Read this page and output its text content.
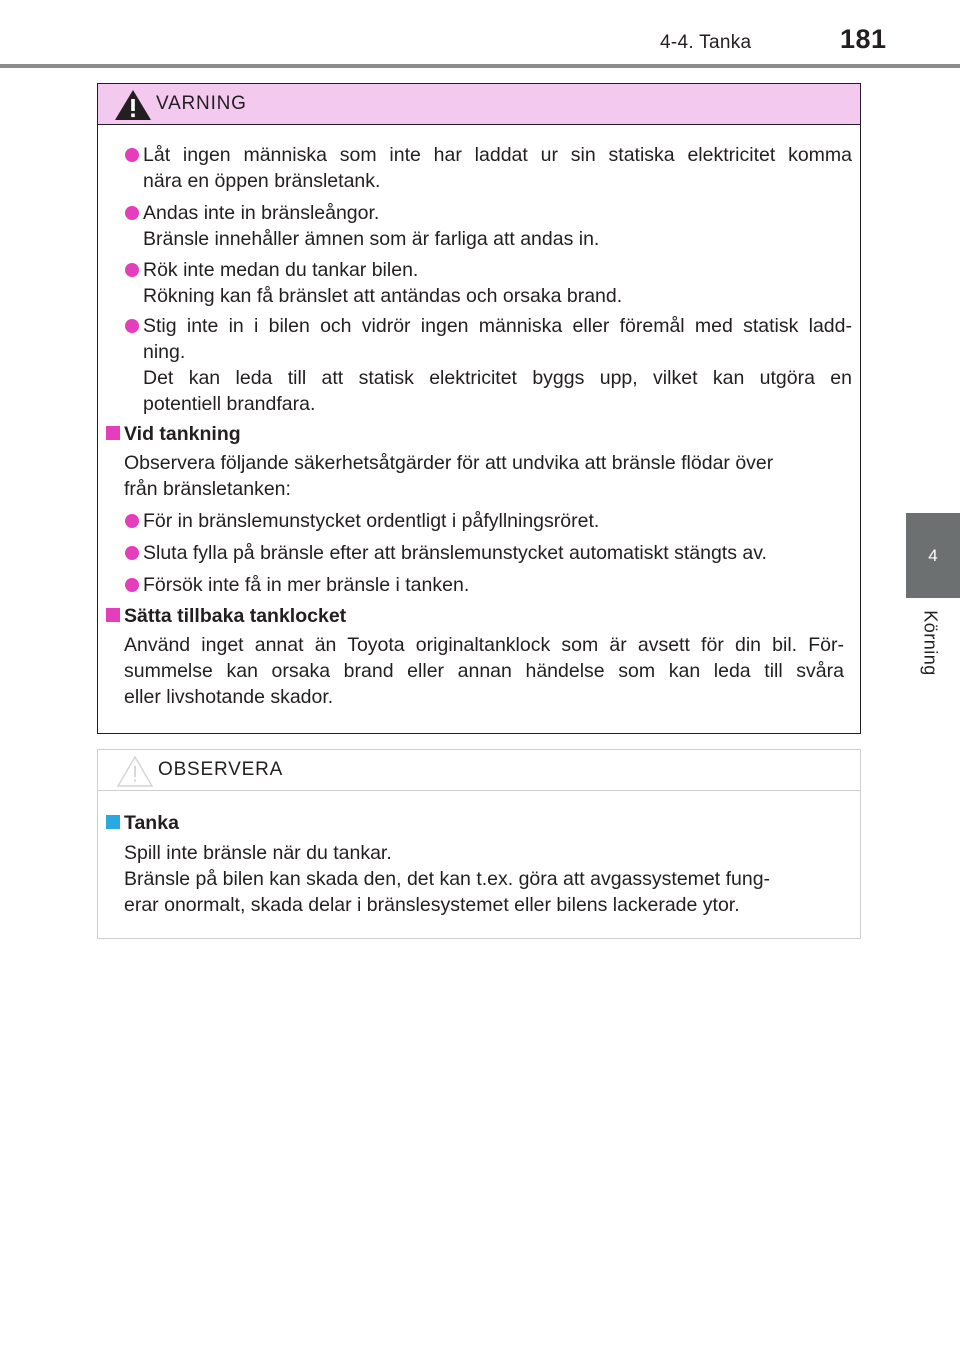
4-4. Tanka	181
4
Körning
VARNING
Låt ingen människa som inte har laddat ur sin statiska elektricitet komma
nära en öppen bränsletank.
Andas inte in bränsleångor.
Bränsle innehåller ämnen som är farliga att andas in.
Rök inte medan du tankar bilen.
Rökning kan få bränslet att antändas och orsaka brand.
Stig inte in i bilen och vidrör ingen människa eller föremål med statisk ladd-
ning.
Det kan leda till att statisk elektricitet byggs upp, vilket kan utgöra en
potentiell brandfara.
Vid tankning
Observera följande säkerhetsåtgärder för att undvika att bränsle flödar över
från bränsletanken:
För in bränslemunstycket ordentligt i påfyllningsröret.
Sluta fylla på bränsle efter att bränslemunstycket automatiskt stängts av.
Försök inte få in mer bränsle i tanken.
Sätta tillbaka tanklocket
Använd inget annat än Toyota originaltanklock som är avsett för din bil. För-
summelse kan orsaka brand eller annan händelse som kan leda till svåra
eller livshotande skador.
OBSERVERA
Tanka
Spill inte bränsle när du tankar.
Bränsle på bilen kan skada den, det kan t.ex. göra att avgassystemet fung-
erar onormalt, skada delar i bränslesystemet eller bilens lackerade ytor.
